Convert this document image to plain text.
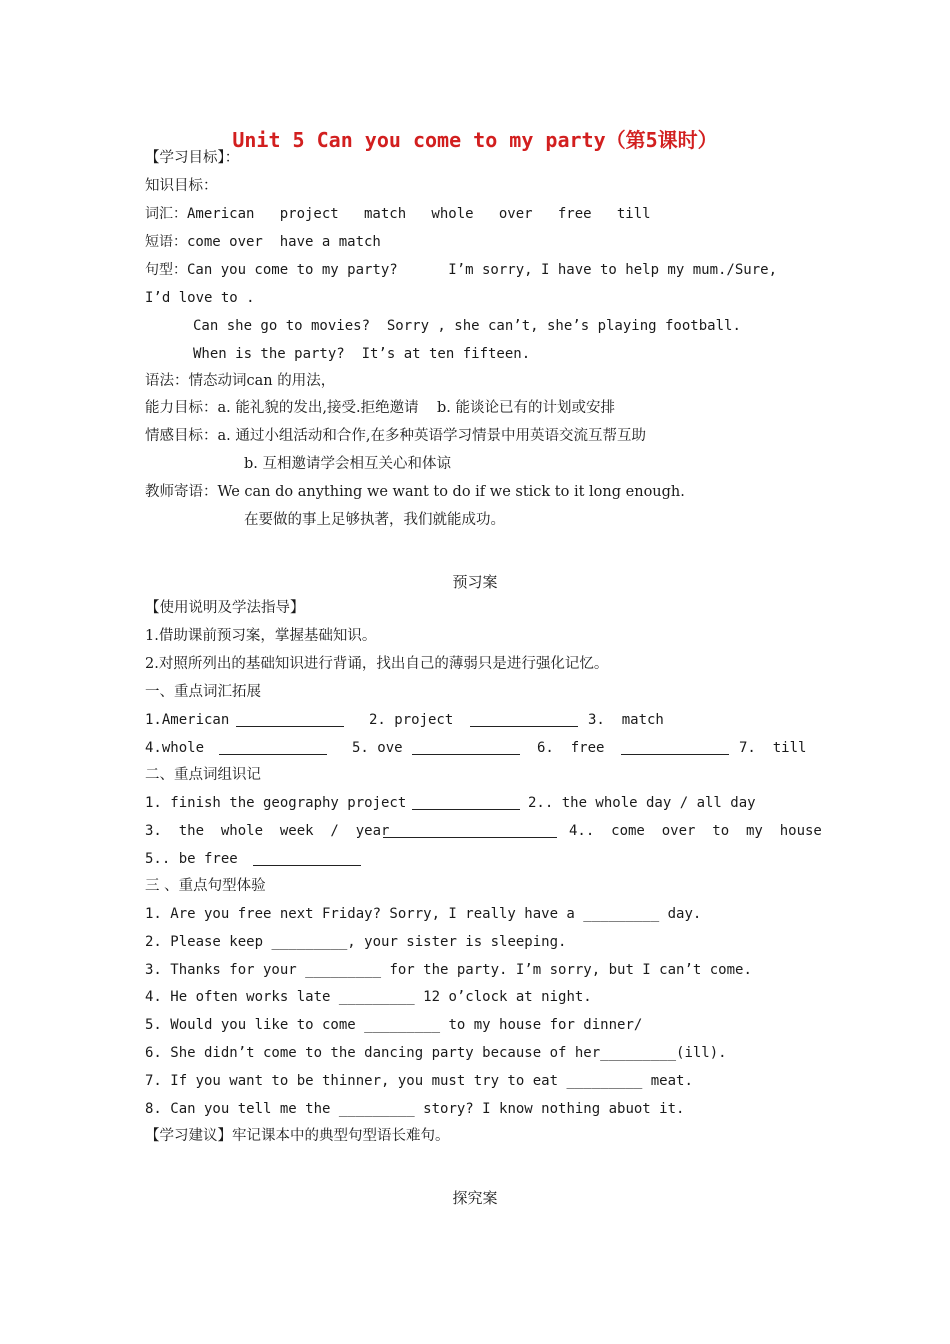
Unit 5 Can you come to my party（第5课时）
【学习目标】：
知识目标：
词汇：American   project   match   whole   over   free   till
短语：come over  have a match
句型：Can you come to my party?      I’m sorry, I have to help my mum./Sure,
I’d love to .
Can she go to movies?  Sorry , she can’t, she’s playing football.
When is the party?  It’s at ten fifteen.
语法：情态动词can 的用法，
能力目标：a. 能礼貌的发出,接受.拒绝邀请    b. 能谈论已有的计划或安排
情感目标：a. 通过小组活动和合作,在多种英语学习情景中用英语交流互帮互助
b. 互相邀请学会相互关心和体谅
教师寄语：We can do anything we want to do if we stick to it long enough.
在要做的事上足够执著，我们就能成功。
预习案
【使用说明及学法指导】
1.借助课前预习案，掌握基础知识。
2.对照所列出的基础知识进行背诵，找出自己的薄弱只是进行强化记忆。
一、重点词汇拓展
1.American	2. project	3.  match
4.whole	5. ove	6.  free	7.  till
二、重点词组识记
1. finish the geography project	2.. the whole day / all day
3.  the  whole  week  /  year	4..  come  over  to  my  house
5.. be free
三 、重点句型体验
1. Are you free next Friday? Sorry, I really have a _________ day.
2. Please keep _________, your sister is sleeping.
3. Thanks for your _________ for the party. I’m sorry, but I can’t come.
4. He often works late _________ 12 o’clock at night.
5. Would you like to come _________ to my house for dinner/
6. She didn’t come to the dancing party because of her_________(ill).
7. If you want to be thinner, you must try to eat _________ meat.
8. Can you tell me the _________ story? I know nothing abuot it.
【学习建议】牢记课本中的典型句型语长难句。
探究案
